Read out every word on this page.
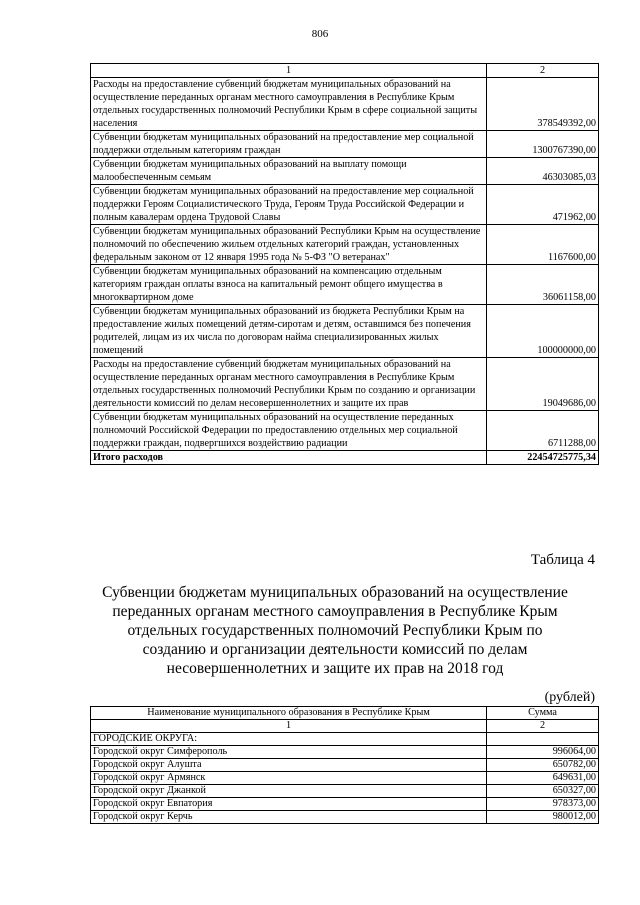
806
1	2
Расходы на предоставление субвенций бюджетам муниципальных образований на осуществление переданных органам местного самоуправления в Республике Крым отдельных государственных полномочий Республики Крым в сфере социальной защиты населения	378549392,00
Субвенции бюджетам муниципальных образований на предоставление мер социальной поддержки отдельным категориям граждан	1300767390,00
Субвенции бюджетам муниципальных образований на выплату помощи малообеспеченным семьям	46303085,03
Субвенции бюджетам муниципальных образований на предоставление мер социальной поддержки Героям Социалистического Труда, Героям Труда Российской Федерации и полным кавалерам ордена Трудовой Славы	471962,00
Субвенции бюджетам муниципальных образований Республики Крым на осуществление полномочий по обеспечению жильем отдельных категорий граждан, установленных федеральным законом от 12 января 1995 года № 5-ФЗ "О ветеранах"	1167600,00
Субвенции бюджетам муниципальных образований на компенсацию отдельным категориям граждан оплаты взноса на капитальный ремонт общего имущества в многоквартирном доме	36061158,00
Субвенции бюджетам муниципальных образований из бюджета Республики Крым на предоставление жилых помещений детям-сиротам и детям, оставшимся без попечения родителей, лицам из их числа по договорам найма специализированных жилых помещений	100000000,00
Расходы на предоставление субвенций бюджетам муниципальных образований на осуществление переданных органам местного самоуправления в Республике Крым отдельных государственных полномочий Республики Крым по созданию и организации деятельности комиссий по делам несовершеннолетних и защите их прав	19049686,00
Субвенции бюджетам муниципальных образований на осуществление переданных полномочий Российской Федерации по предоставлению отдельных мер социальной поддержки граждан, подвергшихся воздействию радиации	6711288,00
Итого расходов	22454725775,34
Таблица 4
Субвенции бюджетам муниципальных образований на осуществление переданных органам местного самоуправления в Республике Крым отдельных государственных полномочий Республики Крым по созданию и организации деятельности комиссий по делам несовершеннолетних и защите их прав на 2018 год
(рублей)
Наименование муниципального образования в Республике Крым	Сумма
1	2
ГОРОДСКИЕ ОКРУГА:	
Городской округ Симферополь	996064,00
Городской округ Алушта	650782,00
Городской округ Армянск	649631,00
Городской округ Джанкой	650327,00
Городской округ Евпатория	978373,00
Городской округ Керчь	980012,00
